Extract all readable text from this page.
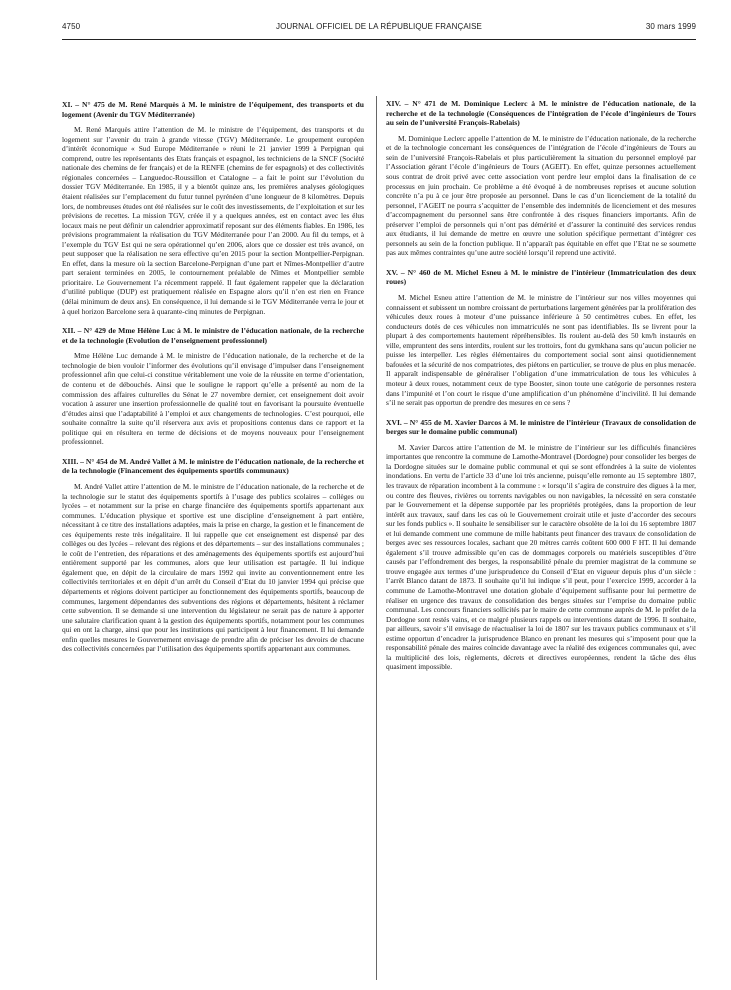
4750	JOURNAL OFFICIEL DE LA RÉPUBLIQUE FRANÇAISE	30 mars 1999
XI. – N° 475 de M. René Marquès à M. le ministre de l’équipement, des transports et du logement (Avenir du TGV Méditerranée)

M. René Marquès attire l’attention de M. le ministre de l’équipement, des transports et du logement sur l’avenir du train à grande vitesse (TGV) Méditerranée. Le groupement européen d’intérêt économique « Sud Europe Méditerranée » réuni le 21 janvier 1999 à Perpignan qui comprend, outre les représentants des Etats français et espagnol, les techniciens de la SNCF (Société nationale des chemins de fer français) et de la RENFE (chemins de fer espagnols) et des collectivités régionales concernées – Languedoc-Roussillon et Catalogne – a fait le point sur l’évolution du dossier TGV Méditerranée. En 1985, il y a bientôt quinze ans, les premières analyses géologiques étaient réalisées sur l’emplacement du futur tunnel pyrénéen d’une longueur de 8 kilomètres. Depuis lors, de nombreuses études ont été réalisées sur le coût des investissements, de l’exploitation et sur les prévisions de recettes. La mission TGV, créée il y a quelques années, est en contact avec les élus locaux mais ne peut définir un calendrier approximatif reposant sur des éléments fiables. En 1986, les prévisions programmaient la réalisation du TGV Méditerranée pour l’an 2000. Au fil du temps, et à l’exemple du TGV Est qui ne sera opérationnel qu’en 2006, alors que ce dossier est très avancé, on peut supposer que la réalisation ne sera effective qu’en 2015 pour la section Montpellier-Perpignan. En effet, dans la mesure où la section Barcelone-Perpignan d’une part et Nîmes-Montpellier d’autre part seraient terminées en 2005, le contournement préalable de Nîmes et Montpellier semble prioritaire. Le Gouvernement l’a récemment rappelé. Il faut également rappeler que la déclaration d’utilité publique (DUP) est pratiquement réalisée en Espagne alors qu’il n’en est rien en France (délai minimum de deux ans). En conséquence, il lui demande si le TGV Méditerranée verra le jour et à quel horizon Barcelone sera à quarante-cinq minutes de Perpignan.

XII. – N° 429 de Mme Hélène Luc à M. le ministre de l’éducation nationale, de la recherche et de la technologie (Evolution de l’enseignement professionnel)

Mme Hélène Luc demande à M. le ministre de l’éducation nationale, de la recherche et de la technologie de bien vouloir l’informer des évolutions qu’il envisage d’impulser dans l’enseignement professionnel afin que celui-ci constitue véritablement une voie de la réussite en terme d’orientation, de contenu et de débouchés. Ainsi que le souligne le rapport qu’elle a présenté au nom de la commission des affaires culturelles du Sénat le 27 novembre dernier, cet enseignement doit avoir vocation à assurer une insertion professionnelle de qualité tout en favorisant la poursuite éventuelle d’études ainsi que l’adaptabilité à l’emploi et aux changements de technologies. C’est pourquoi, elle souhaite connaître la suite qu’il réservera aux avis et propositions contenus dans ce rapport et la politique qui en résultera en terme de décisions et de moyens nouveaux pour l’enseignement professionnel.

XIII. – N° 454 de M. André Vallet à M. le ministre de l’éducation nationale, de la recherche et de la technologie (Financement des équipements sportifs communaux)

M. André Vallet attire l’attention de M. le ministre de l’éducation nationale, de la recherche et de la technologie sur le statut des équipements sportifs à l’usage des publics scolaires – collèges ou lycées – et notamment sur la prise en charge financière des équipements sportifs appartenant aux communes. L’éducation physique et sportive est une discipline d’enseignement à part entière, nécessitant à ce titre des installations adaptées, mais la prise en charge, la gestion et le financement de ces équipements reste très inégalitaire. Il lui rappelle que cet enseignement est dispensé par des collèges ou des lycées – relevant des régions et des départements – sur des installations communales ; le coût de l’entretien, des réparations et des aménagements des équipements sportifs est aujourd’hui entièrement supporté par les communes, alors que leur utilisation est partagée. Il lui indique également que, en dépit de la circulaire de mars 1992 qui invite au conventionnement entre les collectivités territoriales et en dépit d’un arrêt du Conseil d’Etat du 10 janvier 1994 qui précise que départements et régions doivent participer au fonctionnement des équipements sportifs, beaucoup de communes, largement dépendantes des subventions des régions et départements, hésitent à réclamer cette subvention. Il se demande si une intervention du législateur ne serait pas de nature à apporter une salutaire clarification quant à la gestion des équipements sportifs, notamment pour les communes qui en ont la charge, ainsi que pour les institutions qui participent à leur financement. Il lui demande enfin quelles mesures le Gouvernement envisage de prendre afin de préciser les devoirs de chacune des collectivités concernées par l’utilisation des équipements sportifs appartenant aux communes.

XIV. – N° 471 de M. Dominique Leclerc à M. le ministre de l’éducation nationale, de la recherche et de la technologie (Conséquences de l’intégration de l’école d’ingénieurs de Tours au sein de l’université François-Rabelais)

M. Dominique Leclerc appelle l’attention de M. le ministre de l’éducation nationale, de la recherche et de la technologie concernant les conséquences de l’intégration de l’école d’ingénieurs de Tours au sein de l’université François-Rabelais et plus particulièrement la situation du personnel employé par l’Association gérant l’école d’ingénieurs de Tours (AGEIT). En effet, quinze personnes actuellement sous contrat de droit privé avec cette association vont perdre leur emploi dans la finalisation de ce processus en juin prochain. Ce problème a été évoqué à de nombreuses reprises et aucune solution concrète n’a pu à ce jour être proposée au personnel. Dans le cas d’un licenciement de la totalité du personnel, l’AGEIT ne pourra s’acquitter de l’ensemble des indemnités de licenciement et des mesures d’accompagnement du personnel sans être confrontée à des risques financiers importants. Afin de préserver l’emploi de personnels qui n’ont pas démérité et d’assurer la continuité des services rendus aux étudiants, il lui demande de mettre en œuvre une solution spécifique permettant d’intégrer ces personnels au sein de la fonction publique. Il n’apparaît pas équitable en effet que l’Etat ne se soumette pas aux mêmes contraintes qu’une autre société lorsqu’il reprend une activité.

XV. – N° 460 de M. Michel Esneu à M. le ministre de l’intérieur (Immatriculation des deux roues)

M. Michel Esneu attire l’attention de M. le ministre de l’intérieur sur nos villes moyennes qui connaissent et subissent un nombre croissant de perturbations largement générées par la prolifération des véhicules deux roues à moteur d’une puissance inférieure à 50 centimètres cubes. En effet, les conducteurs dotés de ces véhicules non immatriculés ne sont pas identifiables. Ils se livrent pour la plupart à des comportements hautement répréhensibles. Ils roulent au-delà des 50 km/h instaurés en ville, empruntent des sens interdits, roulent sur les trottoirs, font du gymkhana sans qu’aucun policier ne puisse les interpeller. Les règles élémentaires du comportement social sont ainsi quotidiennement bafouées et la sécurité de nos compatriotes, des piétons en particulier, se trouve de plus en plus menacée. Il apparaît indispensable de généraliser l’obligation d’une immatriculation de tous les véhicules à moteur à deux roues, notamment ceux de type Booster, sinon toute une catégorie de personnes restera dans l’impunité et l’on court le risque d’une amplification d’un phénomène d’incivilité. Il lui demande s’il ne serait pas opportun de prendre des mesures en ce sens ?

XVI. – N° 455 de M. Xavier Darcos à M. le ministre de l’intérieur (Travaux de consolidation de berges sur le domaine public communal)

M. Xavier Darcos attire l’attention de M. le ministre de l’intérieur sur les difficultés financières importantes que rencontre la commune de Lamothe-Montravel (Dordogne) pour consolider les berges de la Dordogne situées sur le domaine public communal et qui se sont effondrées à la suite de violentes inondations. En vertu de l’article 33 d’une loi très ancienne, puisqu’elle remonte au 15 septembre 1807, les travaux de réparation incombent à la commune : « lorsqu’il s’agira de construire des digues à la mer, ou contre des fleuves, rivières ou torrents navigables ou non navigables, la nécessité en sera constatée par le Gouvernement et la dépense supportée par les propriétés protégées, dans la proportion de leur intérêt aux travaux, sauf dans les cas où le Gouvernement croirait utile et juste d’accorder des secours sur les fonds publics ». Il souhaite le sensibiliser sur le caractère obsolète de la loi du 16 septembre 1807 et lui demande comment une commune de mille habitants peut financer des travaux de consolidation de berges avec ses ressources locales, sachant que 20 mètres carrés coûtent 600 000 F HT. Il lui demande également s’il trouve admissible qu’en cas de dommages corporels ou matériels susceptibles d’être causés par l’effondrement des berges, la responsabilité pénale du premier magistrat de la commune se trouve engagée aux termes d’une jurisprudence du Conseil d’Etat en vigueur depuis plus d’un siècle : l’arrêt Blanco datant de 1873. Il souhaite qu’il lui indique s’il peut, pour l’exercice 1999, accorder à la commune de Lamothe-Montravel une dotation globale d’équipement suffisante pour lui permettre de réaliser en urgence des travaux de consolidation des berges situées sur l’emprise du domaine public communal. Les concours financiers sollicités par le maire de cette commune auprès de M. le préfet de la Dordogne sont restés vains, et ce malgré plusieurs rappels ou interventions datant de 1996. Il souhaite, par ailleurs, savoir s’il envisage de réactualiser la loi de 1807 sur les travaux publics communaux et s’il estime opportun d’encadrer la jurisprudence Blanco en prenant les mesures qui s’imposent pour que la responsabilité pénale des maires coïncide davantage avec la réalité des exigences communales qui, avec la multiplicité des lois, règlements, décrets et directives européennes, rendent la tâche des élus quasiment impossible.
